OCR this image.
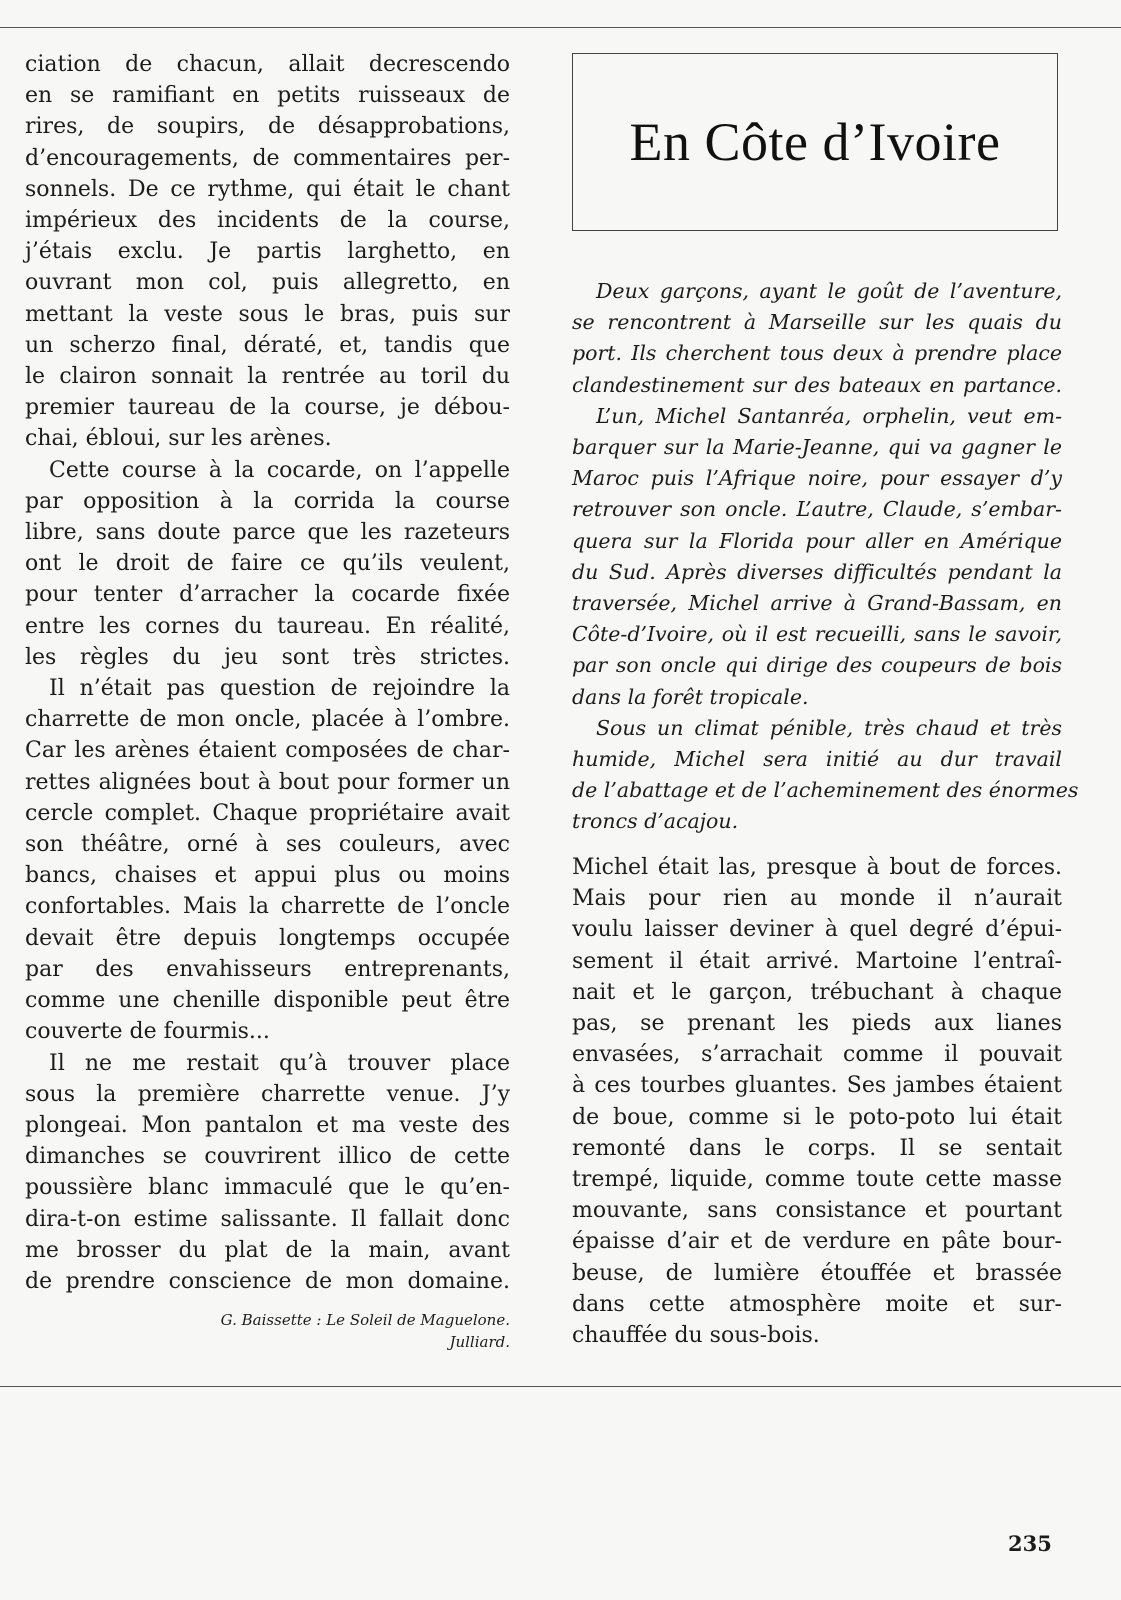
ciation de chacun, allait decrescendo

en se ramifiant en petits ruisseaux de

rires, de soupirs, de désapprobations,

d’encouragements, de commentaires per-

sonnels. De ce rythme, qui était le chant

impérieux des incidents de la course,

j’étais exclu. Je partis larghetto, en

ouvrant mon col, puis allegretto, en

mettant la veste sous le bras, puis sur

un scherzo final, dératé, et, tandis que

le clairon sonnait la rentrée au toril du

premier taureau de la course, je débou-

chai, ébloui, sur les arènes.

Cette course à la cocarde, on l’appelle

par opposition à la corrida la course

libre, sans doute parce que les razeteurs

ont le droit de faire ce qu’ils veulent,

pour tenter d’arracher la cocarde fixée

entre les cornes du taureau. En réalité,

les règles du jeu sont très strictes.

Il n’était pas question de rejoindre la

charrette de mon oncle, placée à l’ombre.

Car les arènes étaient composées de char-

rettes alignées bout à bout pour former un

cercle complet. Chaque propriétaire avait

son théâtre, orné à ses couleurs, avec

bancs, chaises et appui plus ou moins

confortables. Mais la charrette de l’oncle

devait être depuis longtemps occupée

par des envahisseurs entreprenants,

comme une chenille disponible peut être

couverte de fourmis...

Il ne me restait qu’à trouver place

sous la première charrette venue. J’y

plongeai. Mon pantalon et ma veste des

dimanches se couvrirent illico de cette

poussière blanc immaculé que le qu’en-

dira-t-on estime salissante. Il fallait donc

me brosser du plat de la main, avant

de prendre conscience de mon domaine.

G. Baissette : Le Soleil de Maguelone.

Julliard.

En Côte d’Ivoire

Deux garçons, ayant le goût de l’aventure,

se rencontrent à Marseille sur les quais du

port. Ils cherchent tous deux à prendre place

clandestinement sur des bateaux en partance.

L’un, Michel Santanréa, orphelin, veut em-

barquer sur la Marie-Jeanne, qui va gagner le

Maroc puis l’Afrique noire, pour essayer d’y

retrouver son oncle. L’autre, Claude, s’embar-

quera sur la Florida pour aller en Amérique

du Sud. Après diverses difficultés pendant la

traversée, Michel arrive à Grand-Bassam, en

Côte-d’Ivoire, où il est recueilli, sans le savoir,

par son oncle qui dirige des coupeurs de bois

dans la forêt tropicale.

Sous un climat pénible, très chaud et très

humide, Michel sera initié au dur travail

de l’abattage et de l’acheminement des énormes

troncs d’acajou.

Michel était las, presque à bout de forces.

Mais pour rien au monde il n’aurait

voulu laisser deviner à quel degré d’épui-

sement il était arrivé. Martoine l’entraî-

nait et le garçon, trébuchant à chaque

pas, se prenant les pieds aux lianes

envasées, s’arrachait comme il pouvait

à ces tourbes gluantes. Ses jambes étaient

de boue, comme si le poto-poto lui était

remonté dans le corps. Il se sentait

trempé, liquide, comme toute cette masse

mouvante, sans consistance et pourtant

épaisse d’air et de verdure en pâte bour-

beuse, de lumière étouffée et brassée

dans cette atmosphère moite et sur-

chauffée du sous-bois.

235
